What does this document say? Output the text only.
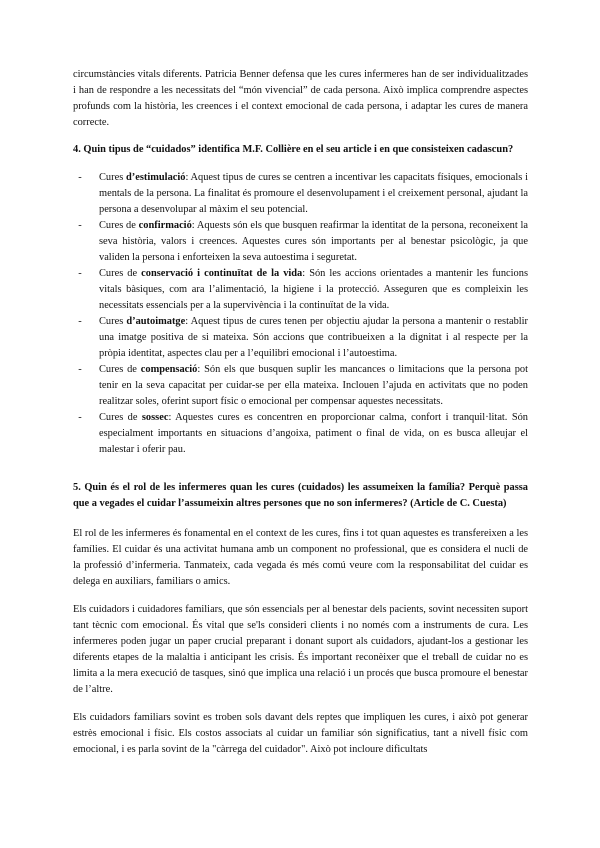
circumstàncies vitals diferents. Patricia Benner defensa que les cures infermeres han de ser individualitzades i han de respondre a les necessitats del “món vivencial” de cada persona. Això implica comprendre aspectes profunds com la història, les creences i el context emocional de cada persona, i adaptar les cures de manera correcte.

4. Quin tipus de “cuidados” identifica M.F. Collière en el seu article i en que consisteixen cadascun?

-	Cures d’estimulació: Aquest tipus de cures se centren a incentivar les capacitats físiques, emocionals i mentals de la persona. La finalitat és promoure el desenvolupament i el creixement personal, ajudant la persona a desenvolupar al màxim el seu potencial.
-	Cures de confirmació: Aquests són els que busquen reafirmar la identitat de la persona, reconeixent la seva història, valors i creences. Aquestes cures són importants per al benestar psicològic, ja que validen la persona i enforteixen la seva autoestima i seguretat.
-	Cures de conservació i continuïtat de la vida: Són les accions orientades a mantenir les funcions vitals bàsiques, com ara l’alimentació, la higiene i la protecció. Asseguren que es compleixin les necessitats essencials per a la supervivència i la continuïtat de la vida.
-	Cures d’autoimatge: Aquest tipus de cures tenen per objectiu ajudar la persona a mantenir o restablir una imatge positiva de si mateixa. Són accions que contribueixen a la dignitat i al respecte per la pròpia identitat, aspectes clau per a l’equilibri emocional i l’autoestima.
-	Cures de compensació: Són els que busquen suplir les mancances o limitacions que la persona pot tenir en la seva capacitat per cuidar-se per ella mateixa. Inclouen l’ajuda en activitats que no poden realitzar soles, oferint suport físic o emocional per compensar aquestes necessitats.
-	Cures de sossec: Aquestes cures es concentren en proporcionar calma, confort i tranquil·litat. Són especialment importants en situacions d’angoixa, patiment o final de vida, on es busca alleujar el malestar i oferir pau.

5. Quin és el rol de les infermeres quan les cures (cuidados) les assumeixen la família? Perquè passa que a vegades el cuidar l’assumeixin altres persones que no son infermeres? (Article de C. Cuesta)

El rol de les infermeres és fonamental en el context de les cures, fins i tot quan aquestes es transfereixen a les famílies. El cuidar és una activitat humana amb un component no professional, que es considera el nucli de la professió d’infermeria. Tanmateix, cada vegada és més comú veure com la responsabilitat del cuidar es delega en auxiliars, familiars o amics.

Els cuidadors i cuidadores familiars, que són essencials per al benestar dels pacients, sovint necessiten suport tant tècnic com emocional. És vital que se'ls consideri clients i no només com a instruments de cura. Les infermeres poden jugar un paper crucial preparant i donant suport als cuidadors, ajudant-los a gestionar les diferents etapes de la malaltia i anticipant les crisis. És important reconèixer que el treball de cuidar no es limita a la mera execució de tasques, sinó que implica una relació i un procés que busca promoure el benestar de l’altre.

Els cuidadors familiars sovint es troben sols davant dels reptes que impliquen les cures, i això pot generar estrès emocional i físic. Els costos associats al cuidar un familiar són significatius, tant a nivell físic com emocional, i es parla sovint de la "càrrega del cuidador". Això pot incloure dificultats
